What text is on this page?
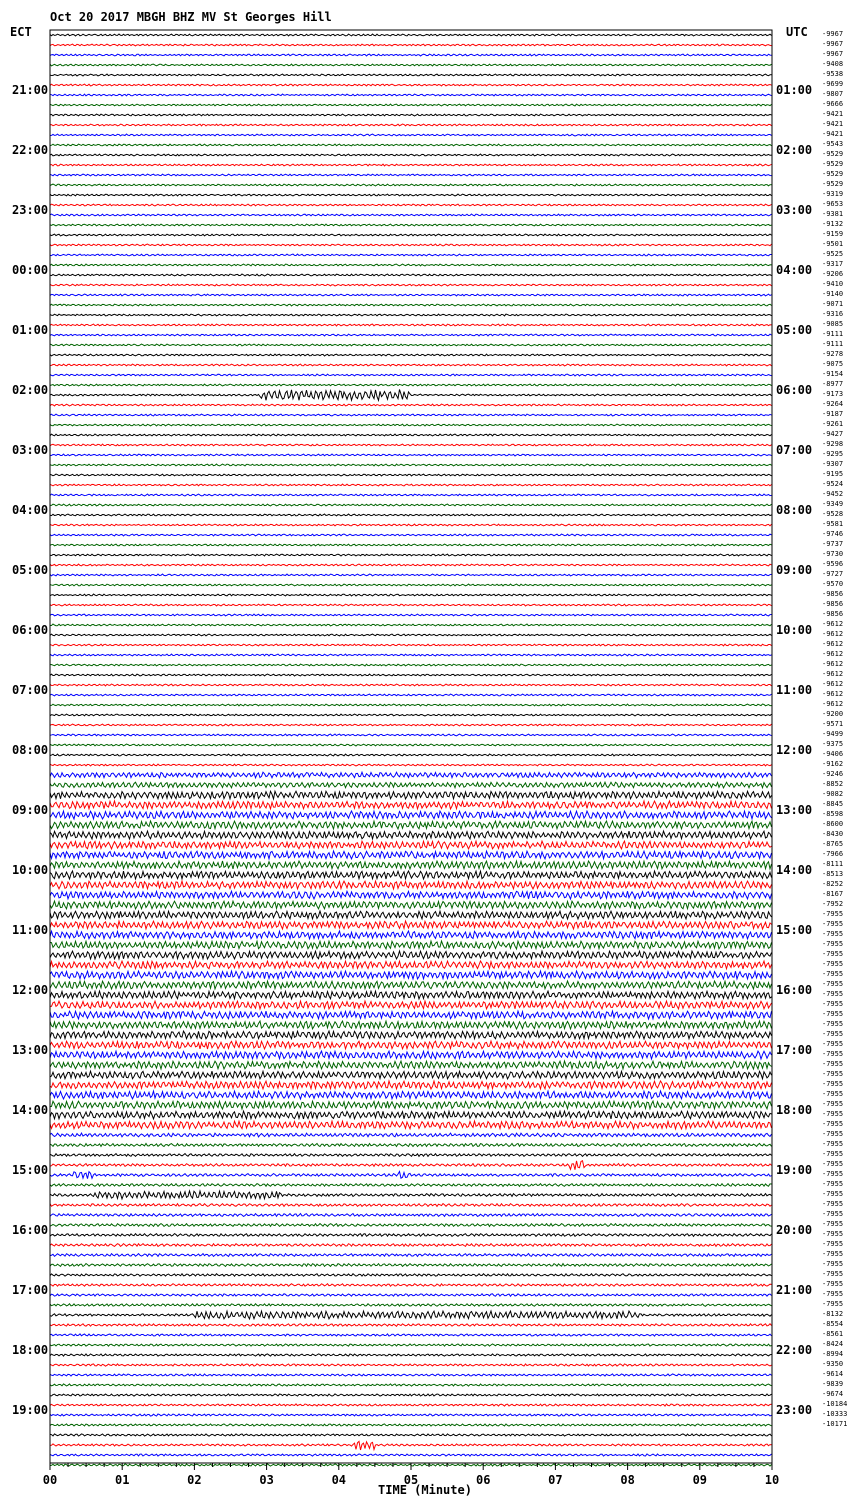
Oct 20 2017 MBGH BHZ MV St Georges Hill
ECT	UTC
21:00
22:00
23:00
00:00
01:00
02:00
03:00
04:00
05:00
06:00
07:00
08:00
09:00
10:00
11:00
12:00
13:00
14:00
15:00
16:00
17:00
18:00
19:00
01:00
02:00
03:00
04:00
05:00
06:00
07:00
08:00
09:00
10:00
11:00
12:00
13:00
14:00
15:00
16:00
17:00
18:00
19:00
20:00
21:00
22:00
23:00
-9967
-9967
-9967
-9408
-9538
-9699
-9807
-9666
-9421
-9421
-9421
-9543
-9529
-9529
-9529
-9529
-9319
-9653
-9381
-9132
-9159
-9501
-9525
-9317
-9206
-9410
-9140
-9071
-9316
-9085
-9111
-9111
-9278
-9075
-9154
-8977
-9173
-9264
-9187
-9261
-9427
-9298
-9295
-9307
-9195
-9524
-9452
-9349
-9528
-9581
-9746
-9737
-9730
-9596
-9727
-9570
-9856
-9856
-9856
-9612
-9612
-9612
-9612
-9612
-9612
-9612
-9612
-9612
-9200
-9571
-9499
-9375
-9406
-9162
-9246
-8852
-9082
-8845
-8598
-8600
-8430
-8765
-7966
-8111
-8513
-8252
-8167
-7952
-7955
-7955
-7955
-7955
-7955
-7955
-7955
-7955
-7955
-7955
-7955
-7955
-7955
-7955
-7955
-7955
-7955
-7955
-7955
-7955
-7955
-7955
-7955
-7955
-7955
-7955
-7955
-7955
-7955
-7955
-7955
-7955
-7955
-7955
-7955
-7955
-7955
-7955
-7955
-7955
-8132
-8554
-8561
-8424
-8994
-9350
-9614
-9839
-9674
-10184
-10333
-10171
00	01	02	03	04	05	06	07	08	09	10
TIME (Minute)
